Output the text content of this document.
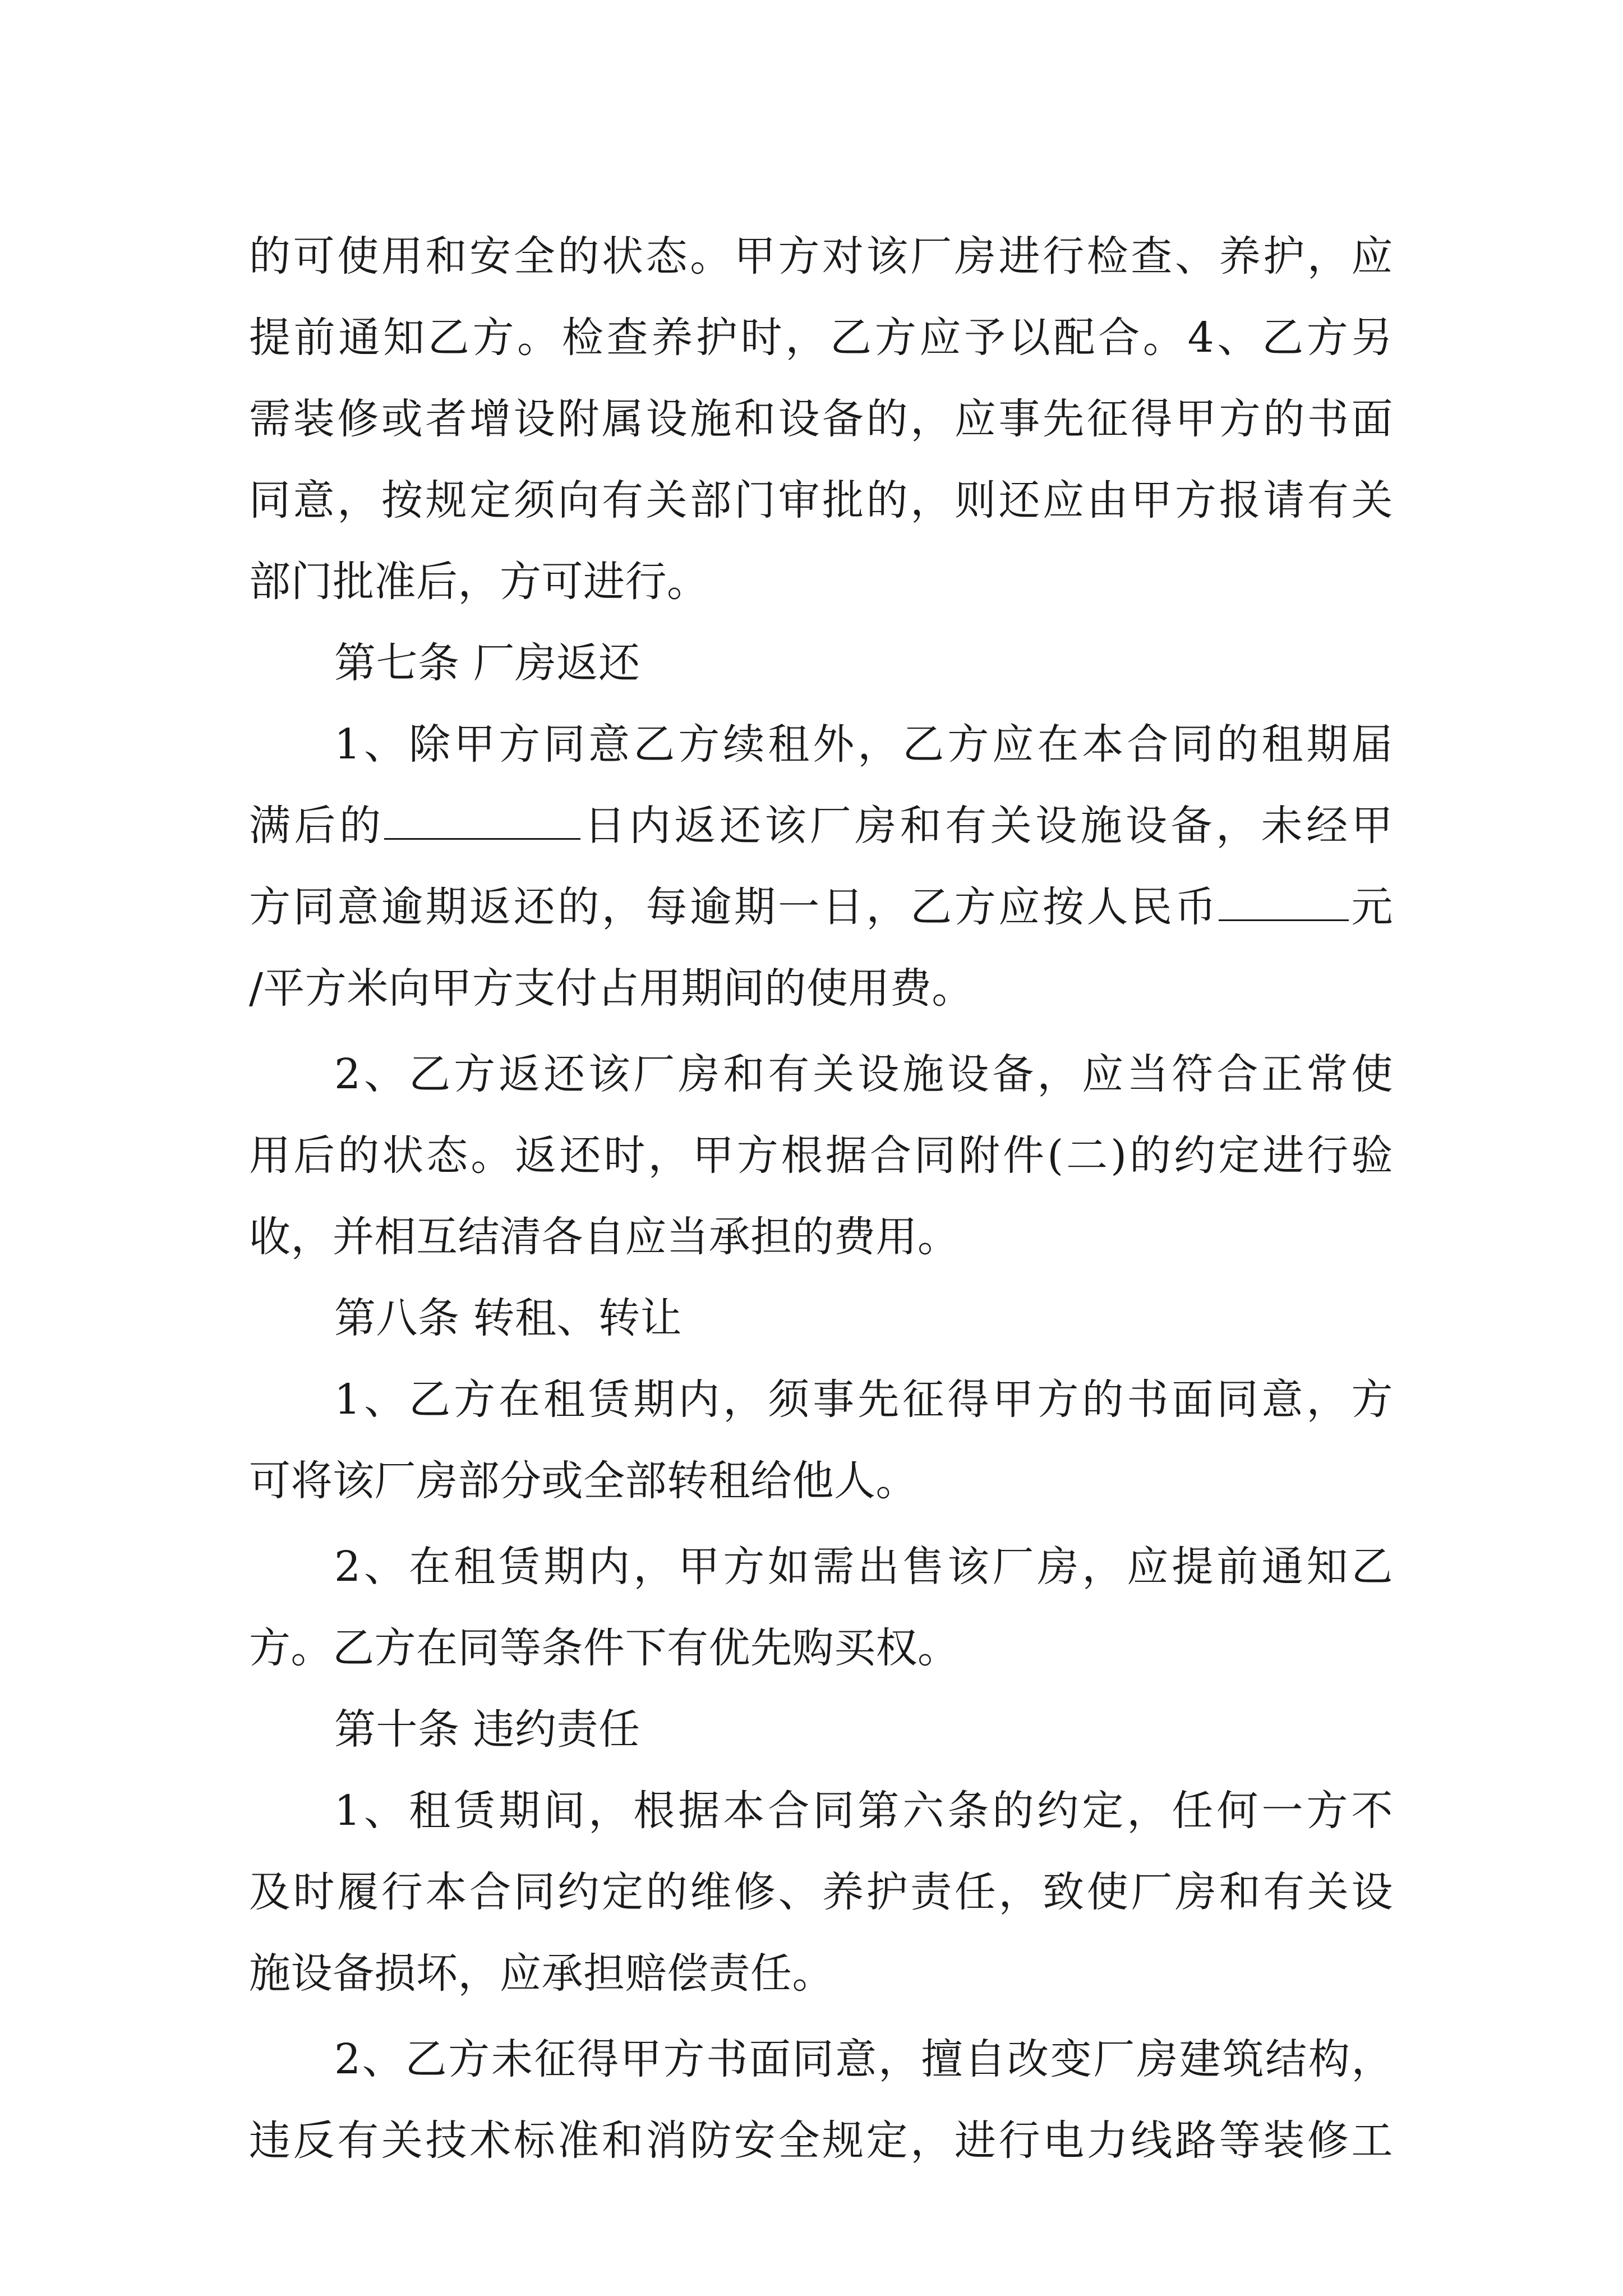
的可使用和安全的状态。甲方对该厂房进行检查、养护，应
提前通知乙方。检查养护时，乙方应予以配合。4、乙方另
需装修或者增设附属设施和设备的，应事先征得甲方的书面
同意，按规定须向有关部门审批的，则还应由甲方报请有关
部门批准后，方可进行。
第七条 厂房返还
1、除甲方同意乙方续租外，乙方应在本合同的租期届
满后的	日内返还该厂房和有关设施设备，未经甲
方同意逾期返还的，每逾期一日，乙方应按人民币	元
/平方米向甲方支付占用期间的使用费。
2、乙方返还该厂房和有关设施设备，应当符合正常使
用后的状态。返还时，甲方根据合同附件(二)的约定进行验
收，并相互结清各自应当承担的费用。
第八条 转租、转让
1、乙方在租赁期内，须事先征得甲方的书面同意，方
可将该厂房部分或全部转租给他人。
2、在租赁期内，甲方如需出售该厂房，应提前通知乙
方。乙方在同等条件下有优先购买权。
第十条 违约责任
1、租赁期间，根据本合同第六条的约定，任何一方不
及时履行本合同约定的维修、养护责任，致使厂房和有关设
施设备损坏，应承担赔偿责任。
2、乙方未征得甲方书面同意，擅自改变厂房建筑结构，
违反有关技术标准和消防安全规定，进行电力线路等装修工
